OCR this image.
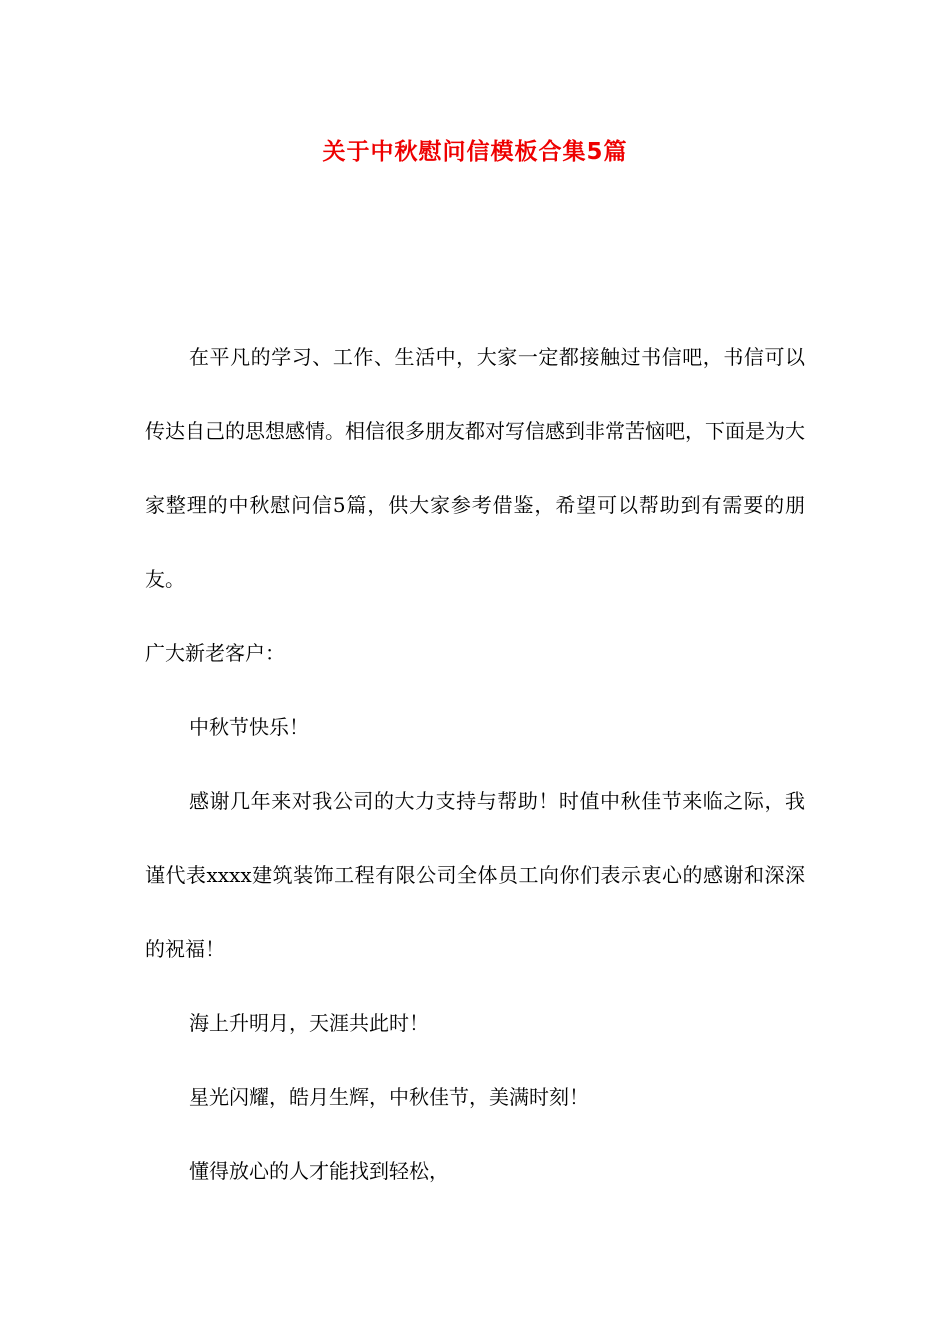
关于中秋慰问信模板合集5篇

在平凡的学习、工作、生活中，大家一定都接触过书信吧，书信可以传达自己的思想感情。相信很多朋友都对写信感到非常苦恼吧，下面是为大家整理的中秋慰问信5篇，供大家参考借鉴，希望可以帮助到有需要的朋友。

广大新老客户：

中秋节快乐！

感谢几年来对我公司的大力支持与帮助！时值中秋佳节来临之际，我谨代表xxxx建筑装饰工程有限公司全体员工向你们表示衷心的感谢和深深的祝福！

海上升明月，天涯共此时！

星光闪耀，皓月生辉，中秋佳节，美满时刻！

懂得放心的人才能找到轻松，
